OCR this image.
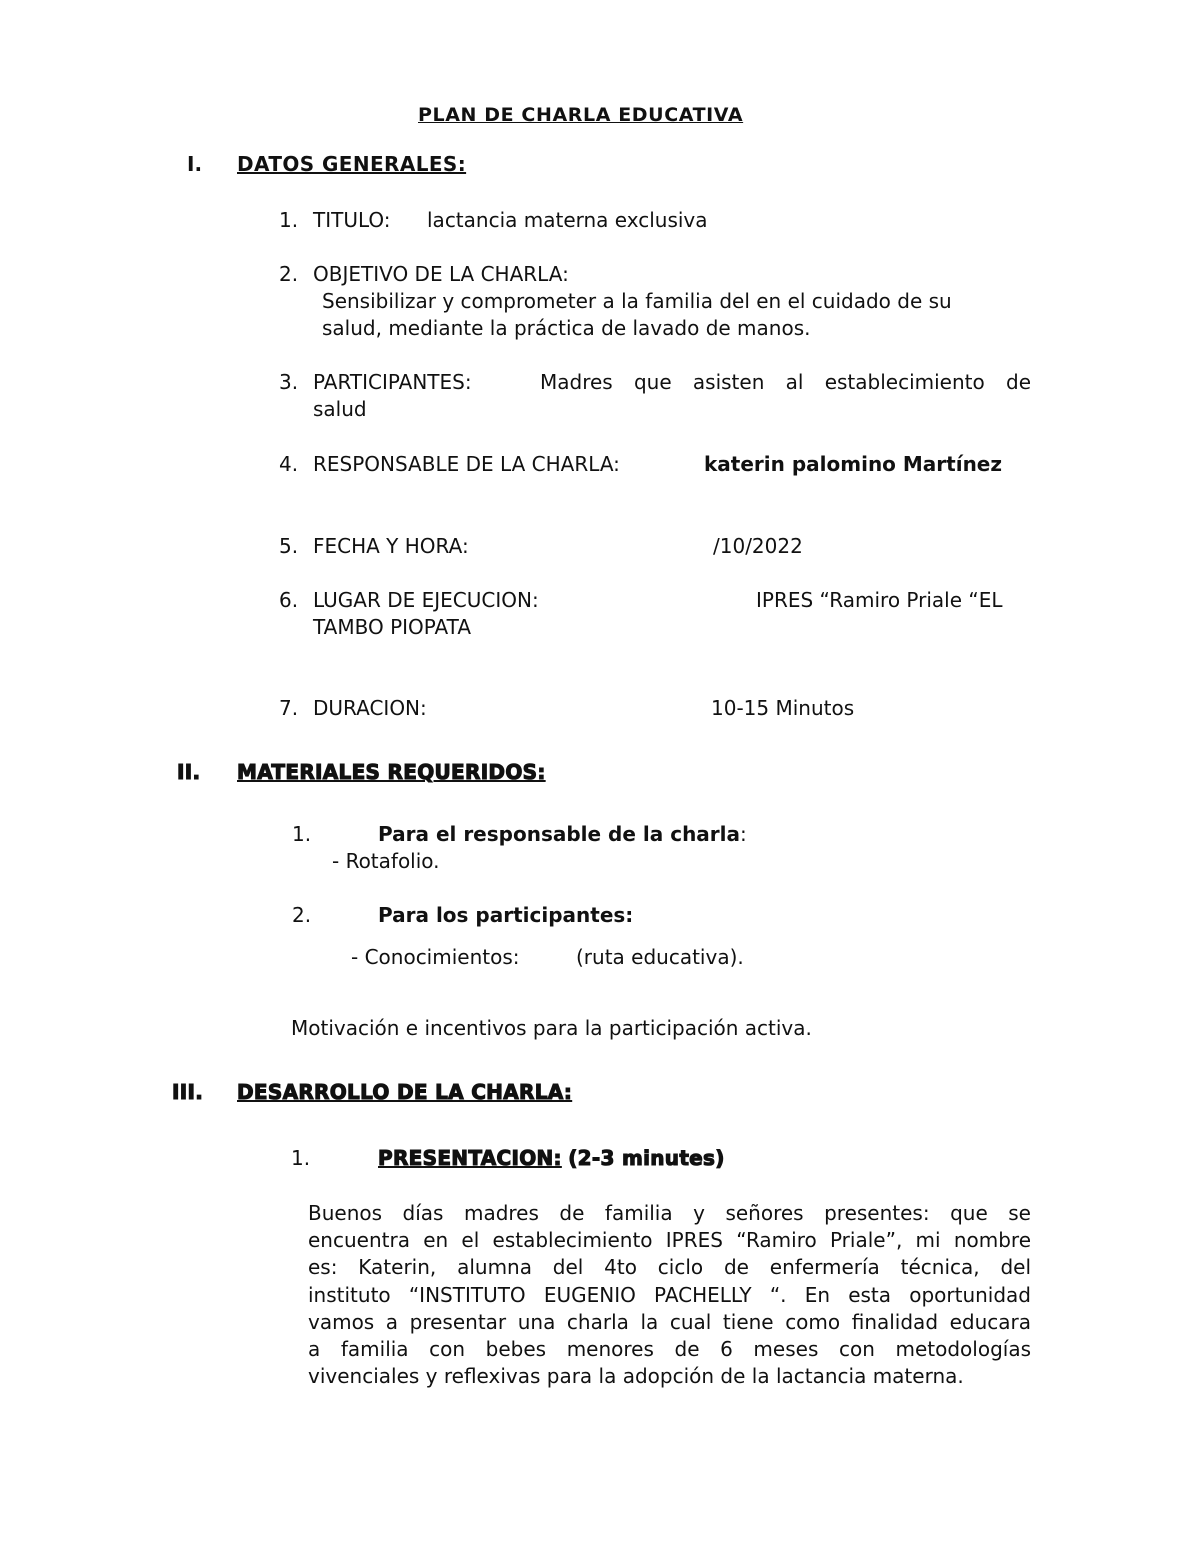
PLAN DE CHARLA EDUCATIVA
I. DATOS GENERALES:
1. TITULO: lactancia materna exclusiva
2. OBJETIVO DE LA CHARLA:
Sensibilizar y comprometer a la familia del en el cuidado de su
salud, mediante la práctica de lavado de manos.
3. PARTICIPANTES:	Madres que asisten al establecimiento de
salud
4. RESPONSABLE DE LA CHARLA:	katerin palomino Martínez
5. FECHA Y HORA:	/10/2022
6. LUGAR DE EJECUCION:	IPRES “Ramiro Priale “EL
TAMBO PIOPATA
7. DURACION:	10-15 Minutos
II. MATERIALES REQUERIDOS:
1.	Para el responsable de la charla:
- Rotafolio.
2.	Para los participantes:
- Conocimientos:	(ruta educativa).
Motivación e incentivos para la participación activa.
III. DESARROLLO DE LA CHARLA:
1.	PRESENTACION: (2-3 minutes)
Buenos días madres de familia y señores presentes: que se
encuentra en el establecimiento IPRES “Ramiro Priale”, mi nombre
es: Katerin, alumna del 4to ciclo de enfermería técnica, del
instituto “INSTITUTO EUGENIO PACHELLY “. En esta oportunidad
vamos a presentar una charla la cual tiene como finalidad educara
a familia con bebes menores de 6 meses con metodologías
vivenciales y reflexivas para la adopción de la lactancia materna.
